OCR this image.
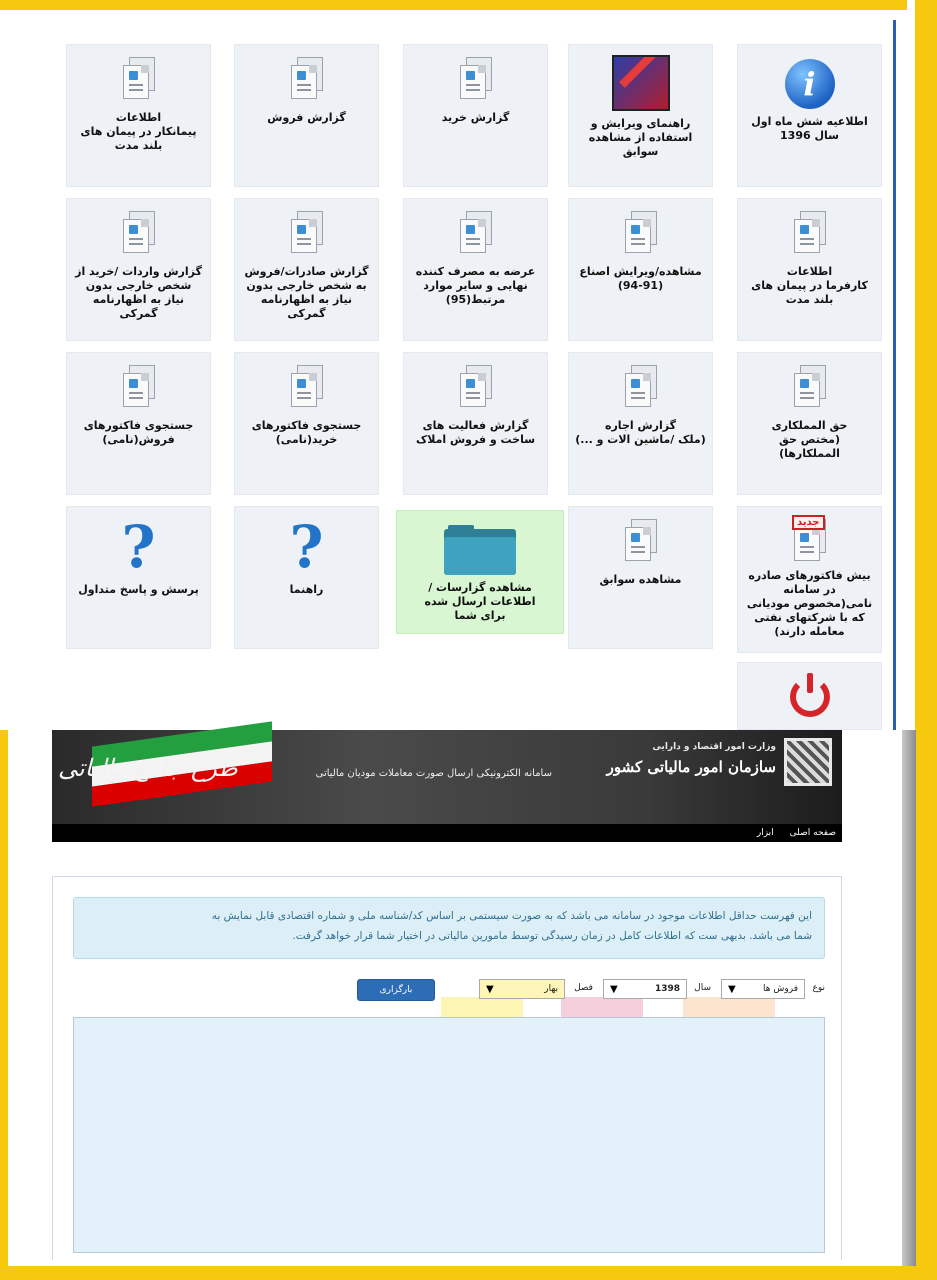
i
اطلاعیه شش ماه اول
سال 1396
راهنمای ویرایش و
استفاده از مشاهده
سوابق
گزارش خرید
گزارش فروش
اطلاعات
پیمانکار در پیمان های
بلند مدت
اطلاعات
کارفرما در پیمان های
بلند مدت
مشاهده/ویرایش اصناع
(94-91)
عرضه به مصرف کننده
نهایی و سایر موارد
مرتبط(95)
گزارش صادرات/فروش
به شخص خارجی بدون
نیاز به اظهارنامه
گمرکی
گزارش واردات /خرید از
شخص خارجی بدون
نیاز به اظهارنامه
گمرکی
حق المملکاری
(مختص حق
المملکارها)
گزارش اجاره
(ملک /ماشین الات و ...)
گزارش فعالیت های
ساخت و فروش املاک
جستجوی فاکتورهای
خرید(نامی)
جستجوی فاکتورهای
فروش(نامی)
جدید
بیش فاکتورهای صادره
در سامانه
نامی(مخصوص مودیانی
که با شرکتهای نفتی
معامله دارند)
مشاهده سوابق
مشاهده گزارسات /
اطلاعات ارسال شده
برای شما
?
راهنما
?
پرسش و پاسخ متداول
طرح جامع مالیاتی
وزارت امور اقتصاد و دارایی
سازمان امور مالیاتی کشور
سامانه الکترونیکی ارسال صورت معاملات مودیان مالیاتی
صفحه اصلی
ابزار
این فهرست حداقل اطلاعات موجود در سامانه می باشد که به صورت سیستمی بر اساس کد/شناسه ملی و شماره اقتصادی قابل نمایش به
شما می باشد. بدیهی ست که اطلاعات کامل در زمان رسیدگی توسط مامورین مالیاتی در اختیار شما قرار خواهد گرفت.
نوع
فروش ها
▼
سال
1398
▼
فصل
بهار
▼
بارگزاری
